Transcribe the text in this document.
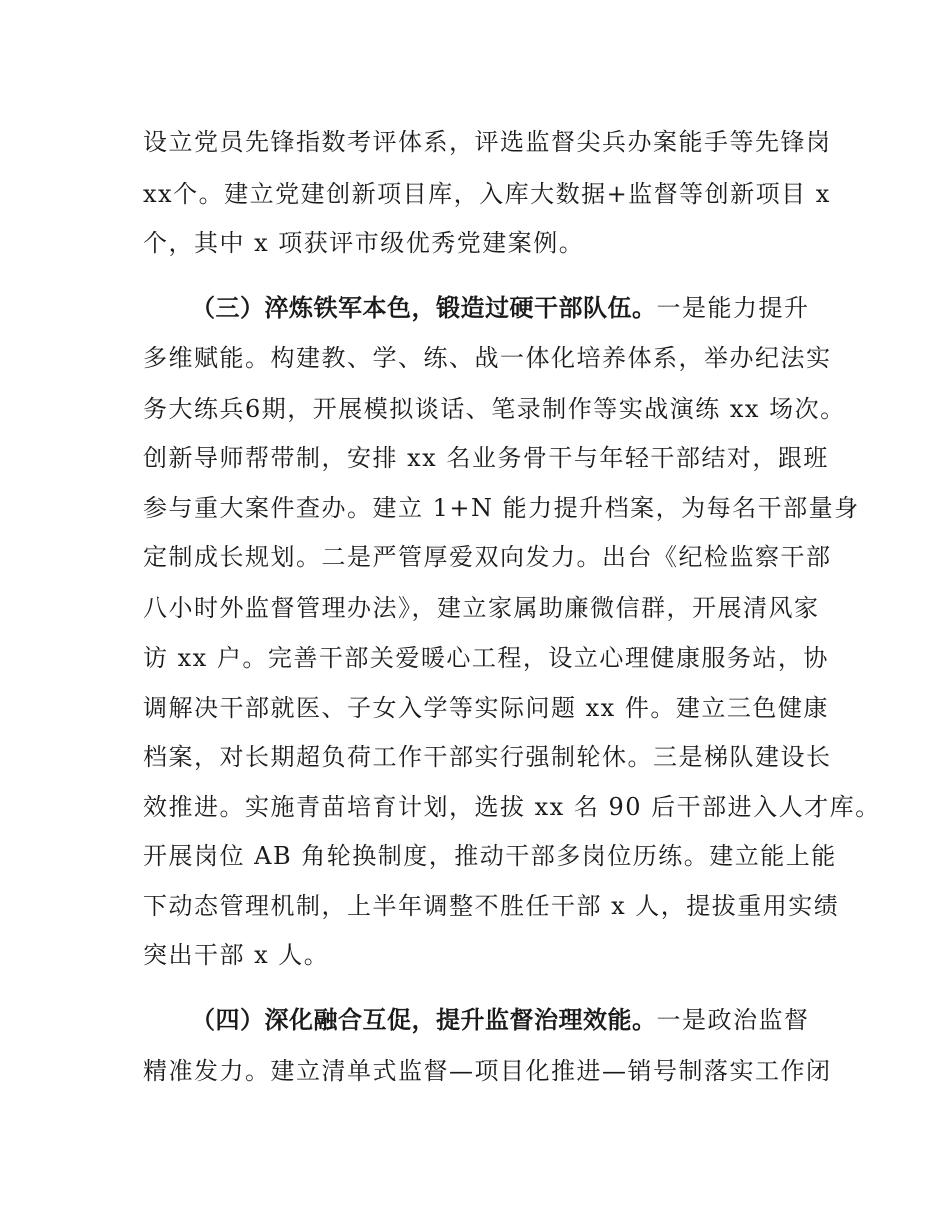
设立党员先锋指数考评体系，评选监督尖兵办案能手等先锋岗
xx个。建立党建创新项目库，入库大数据+监督等创新项目 x
个，其中 x 项获评市级优秀党建案例。
（三）淬炼铁军本色，锻造过硬干部队伍。一是能力提升
多维赋能。构建教、学、练、战一体化培养体系，举办纪法实
务大练兵6期，开展模拟谈话、笔录制作等实战演练 xx 场次。
创新导师帮带制，安排 xx 名业务骨干与年轻干部结对，跟班
参与重大案件查办。建立 1+N 能力提升档案，为每名干部量身
定制成长规划。二是严管厚爱双向发力。出台《纪检监察干部
八小时外监督管理办法》，建立家属助廉微信群，开展清风家
访 xx 户。完善干部关爱暖心工程，设立心理健康服务站，协
调解决干部就医、子女入学等实际问题 xx 件。建立三色健康
档案，对长期超负荷工作干部实行强制轮休。三是梯队建设长
效推进。实施青苗培育计划，选拔 xx 名 90 后干部进入人才库。
开展岗位 AB 角轮换制度，推动干部多岗位历练。建立能上能
下动态管理机制，上半年调整不胜任干部 x 人，提拔重用实绩
突出干部 x 人。
（四）深化融合互促，提升监督治理效能。一是政治监督
精准发力。建立清单式监督—项目化推进—销号制落实工作闭
